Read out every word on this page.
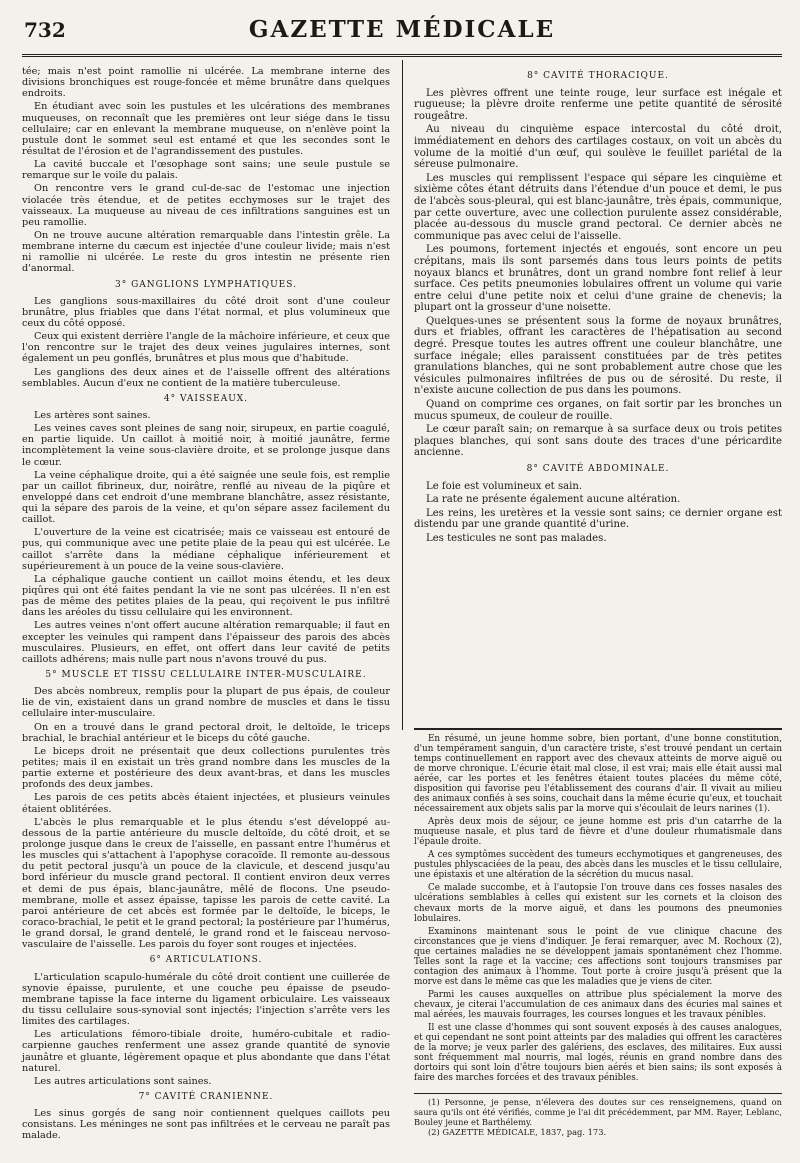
732	GAZETTE MÉDICALE

tée; mais n'est point ramollie ni ulcérée. La membrane interne des divisions bronchiques est rouge-foncée et même brunâtre dans quelques endroits.

En étudiant avec soin les pustules et les ulcérations des membranes muqueuses, on reconnaît que les premières ont leur siége dans le tissu cellulaire; car en enlevant la membrane muqueuse, on n'enlève point la pustule dont le sommet seul est entamé et que les secondes sont le résultat de l'érosion et de l'agrandissement des pustules.

La cavité buccale et l'œsophage sont sains; une seule pustule se remarque sur le voile du palais.

On rencontre vers le grand cul-de-sac de l'estomac une injection violacée très étendue, et de petites ecchymoses sur le trajet des vaisseaux. La muqueuse au niveau de ces infiltrations sanguines est un peu ramollie.

On ne trouve aucune altération remarquable dans l'intestin grêle. La membrane interne du cæcum est injectée d'une couleur livide; mais n'est ni ramollie ni ulcérée. Le reste du gros intestin ne présente rien d'anormal.

3° GANGLIONS LYMPHATIQUES.

Les ganglions sous-maxillaires du côté droit sont d'une couleur brunâtre, plus friables que dans l'état normal, et plus volumineux que ceux du côté opposé.

Ceux qui existent derrière l'angle de la mâchoire inférieure, et ceux que l'on rencontre sur le trajet des deux veines jugulaires internes, sont également un peu gonflés, brunâtres et plus mous que d'habitude.

Les ganglions des deux aines et de l'aisselle offrent des altérations semblables. Aucun d'eux ne contient de la matière tuberculeuse.

4° VAISSEAUX.

Les artères sont saines.

Les veines caves sont pleines de sang noir, sirupeux, en partie coagulé, en partie liquide. Un caillot à moitié noir, à moitié jaunâtre, ferme incomplètement la veine sous-clavière droite, et se prolonge jusque dans le cœur.

La veine céphalique droite, qui a été saignée une seule fois, est remplie par un caillot fibrineux, dur, noirâtre, renflé au niveau de la piqûre et enveloppé dans cet endroit d'une membrane blanchâtre, assez résistante, qui la sépare des parois de la veine, et qu'on sépare assez facilement du caillot.

L'ouverture de la veine est cicatrisée; mais ce vaisseau est entouré de pus, qui communique avec une petite plaie de la peau qui est ulcérée. Le caillot s'arrête dans la médiane céphalique inférieurement et supérieurement à un pouce de la veine sous-clavière.

La céphalique gauche contient un caillot moins étendu, et les deux piqûres qui ont été faites pendant la vie ne sont pas ulcérées. Il n'en est pas de même des petites plaies de la peau, qui reçoivent le pus infiltré dans les aréoles du tissu cellulaire qui les environnent.

Les autres veines n'ont offert aucune altération remarquable; il faut en excepter les veinules qui rampent dans l'épaisseur des parois des abcès musculaires. Plusieurs, en effet, ont offert dans leur cavité de petits caillots adhérens; mais nulle part nous n'avons trouvé du pus.

5° MUSCLE ET TISSU CELLULAIRE INTER-MUSCULAIRE.

Des abcès nombreux, remplis pour la plupart de pus épais, de couleur lie de vin, existaient dans un grand nombre de muscles et dans le tissu cellulaire inter-musculaire.

On en a trouvé dans le grand pectoral droit, le deltoïde, le triceps brachial, le brachial antérieur et le biceps du côté gauche.

Le biceps droit ne présentait que deux collections purulentes très petites; mais il en existait un très grand nombre dans les muscles de la partie externe et postérieure des deux avant-bras, et dans les muscles profonds des deux jambes.

Les parois de ces petits abcès étaient injectées, et plusieurs veinules étaient oblitérées.

L'abcès le plus remarquable et le plus étendu s'est développé au-dessous de la partie antérieure du muscle deltoïde, du côté droit, et se prolonge jusque dans le creux de l'aisselle, en passant entre l'humérus et les muscles qui s'attachent à l'apophyse coracoïde. Il remonte au-dessous du petit pectoral jusqu'à un pouce de la clavicule, et descend jusqu'au bord inférieur du muscle grand pectoral. Il contient environ deux verres et demi de pus épais, blanc-jaunâtre, mêlé de flocons. Une pseudo-membrane, molle et assez épaisse, tapisse les parois de cette cavité. La paroi antérieure de cet abcès est formée par le deltoïde, le biceps, le coraco-brachial, le petit et le grand pectoral; la postérieure par l'humérus, le grand dorsal, le grand dentelé, le grand rond et le faisceau nervoso-vasculaire de l'aisselle. Les parois du foyer sont rouges et injectées.

6° ARTICULATIONS.

L'articulation scapulo-humérale du côté droit contient une cuillerée de synovie épaisse, purulente, et une couche peu épaisse de pseudo-membrane tapisse la face interne du ligament orbiculaire. Les vaisseaux du tissu cellulaire sous-synovial sont injectés; l'injection s'arrête vers les limites des cartilages.

Les articulations fémoro-tibiale droite, huméro-cubitale et radio-carpienne gauches renferment une assez grande quantité de synovie jaunâtre et gluante, légèrement opaque et plus abondante que dans l'état naturel.

Les autres articulations sont saines.

7° CAVITÉ CRANIENNE.

Les sinus gorgés de sang noir contiennent quelques caillots peu consistans. Les méninges ne sont pas infiltrées et le cerveau ne paraît pas malade.

8° CAVITÉ THORACIQUE.

Les plèvres offrent une teinte rouge, leur surface est inégale et rugueuse; la plèvre droite renferme une petite quantité de sérosité rougeâtre.

Au niveau du cinquième espace intercostal du côté droit, immédiatement en dehors des cartilages costaux, on voit un abcès du volume de la moitié d'un œuf, qui soulève le feuillet pariétal de la séreuse pulmonaire.

Les muscles qui remplissent l'espace qui sépare les cinquième et sixième côtes étant détruits dans l'étendue d'un pouce et demi, le pus de l'abcès sous-pleural, qui est blanc-jaunâtre, très épais, communique, par cette ouverture, avec une collection purulente assez considérable, placée au-dessous du muscle grand pectoral. Ce dernier abcès ne communique pas avec celui de l'aisselle.

Les poumons, fortement injectés et engoués, sont encore un peu crépitans, mais ils sont parsemés dans tous leurs points de petits noyaux blancs et brunâtres, dont un grand nombre font relief à leur surface. Ces petits pneumonies lobulaires offrent un volume qui varie entre celui d'une petite noix et celui d'une graine de chenevis; la plupart ont la grosseur d'une noisette.

Quelques-unes se présentent sous la forme de noyaux brunâtres, durs et friables, offrant les caractères de l'hépatisation au second degré. Presque toutes les autres offrent une couleur blanchâtre, une surface inégale; elles paraissent constituées par de très petites granulations blanches, qui ne sont probablement autre chose que les vésicules pulmonaires infiltrées de pus ou de sérosité. Du reste, il n'existe aucune collection de pus dans les poumons.

Quand on comprime ces organes, on fait sortir par les bronches un mucus spumeux, de couleur de rouille.

Le cœur paraît sain; on remarque à sa surface deux ou trois petites plaques blanches, qui sont sans doute des traces d'une péricardite ancienne.

8° CAVITÉ ABDOMINALE.

Le foie est volumineux et sain.

La rate ne présente également aucune altération.

Les reins, les uretères et la vessie sont sains; ce dernier organe est distendu par une grande quantité d'urine.

Les testicules ne sont pas malades.

En résumé, un jeune homme sobre, bien portant, d'une bonne constitution, d'un tempérament sanguin, d'un caractère triste, s'est trouvé pendant un certain temps continuellement en rapport avec des chevaux atteints de morve aiguë ou de morve chronique. L'écurie était mal close, il est vrai; mais elle était aussi mal aérée, car les portes et les fenêtres étaient toutes placées du même côté, disposition qui favorise peu l'établissement des courans d'air. Il vivait au milieu des animaux confiés à ses soins, couchait dans la même écurie qu'eux, et touchait nécessairement aux objets salis par la morve qui s'écoulait de leurs narines (1).

Après deux mois de séjour, ce jeune homme est pris d'un catarrhe de la muqueuse nasale, et plus tard de fièvre et d'une douleur rhumatismale dans l'épaule droite.

A ces symptômes succèdent des tumeurs ecchymotiques et gangreneuses, des pustules phlyscaciées de la peau, des abcès dans les muscles et le tissu cellulaire, une épistaxis et une altération de la sécrétion du mucus nasal.

Ce malade succombe, et à l'autopsie l'on trouve dans ces fosses nasales des ulcérations semblables à celles qui existent sur les cornets et la cloison des chevaux morts de la morve aiguë, et dans les poumons des pneumonies lobulaires.

Examinons maintenant sous le point de vue clinique chacune des circonstances que je viens d'indiquer. Je ferai remarquer, avec M. Rochoux (2), que certaines maladies ne se développent jamais spontanément chez l'homme. Telles sont la rage et la vaccine; ces affections sont toujours transmises par contagion des animaux à l'homme. Tout porte à croire jusqu'à présent que la morve est dans le même cas que les maladies que je viens de citer.

Parmi les causes auxquelles on attribue plus spécialement la morve des chevaux, je citerai l'accumulation de ces animaux dans des écuries mal saines et mal aérées, les mauvais fourrages, les courses longues et les travaux pénibles.

Il est une classe d'hommes qui sont souvent exposés à des causes analogues, et qui cependant ne sont point atteints par des maladies qui offrent les caractères de la morve; je veux parler des galériens, des esclaves, des militaires. Eux aussi sont fréquemment mal nourris, mal logés, réunis en grand nombre dans des dortoirs qui sont loin d'être toujours bien aérés et bien sains; ils sont exposés à faire des marches forcées et des travaux pénibles.

(1) Personne, je pense, n'élevera des doutes sur ces renseignemens, quand on saura qu'ils ont été vérifiés, comme je l'ai dit précédemment, par MM. Rayer, Leblanc, Bouley jeune et Barthélemy.

(2) GAZETTE MÉDICALE, 1837, pag. 173.
